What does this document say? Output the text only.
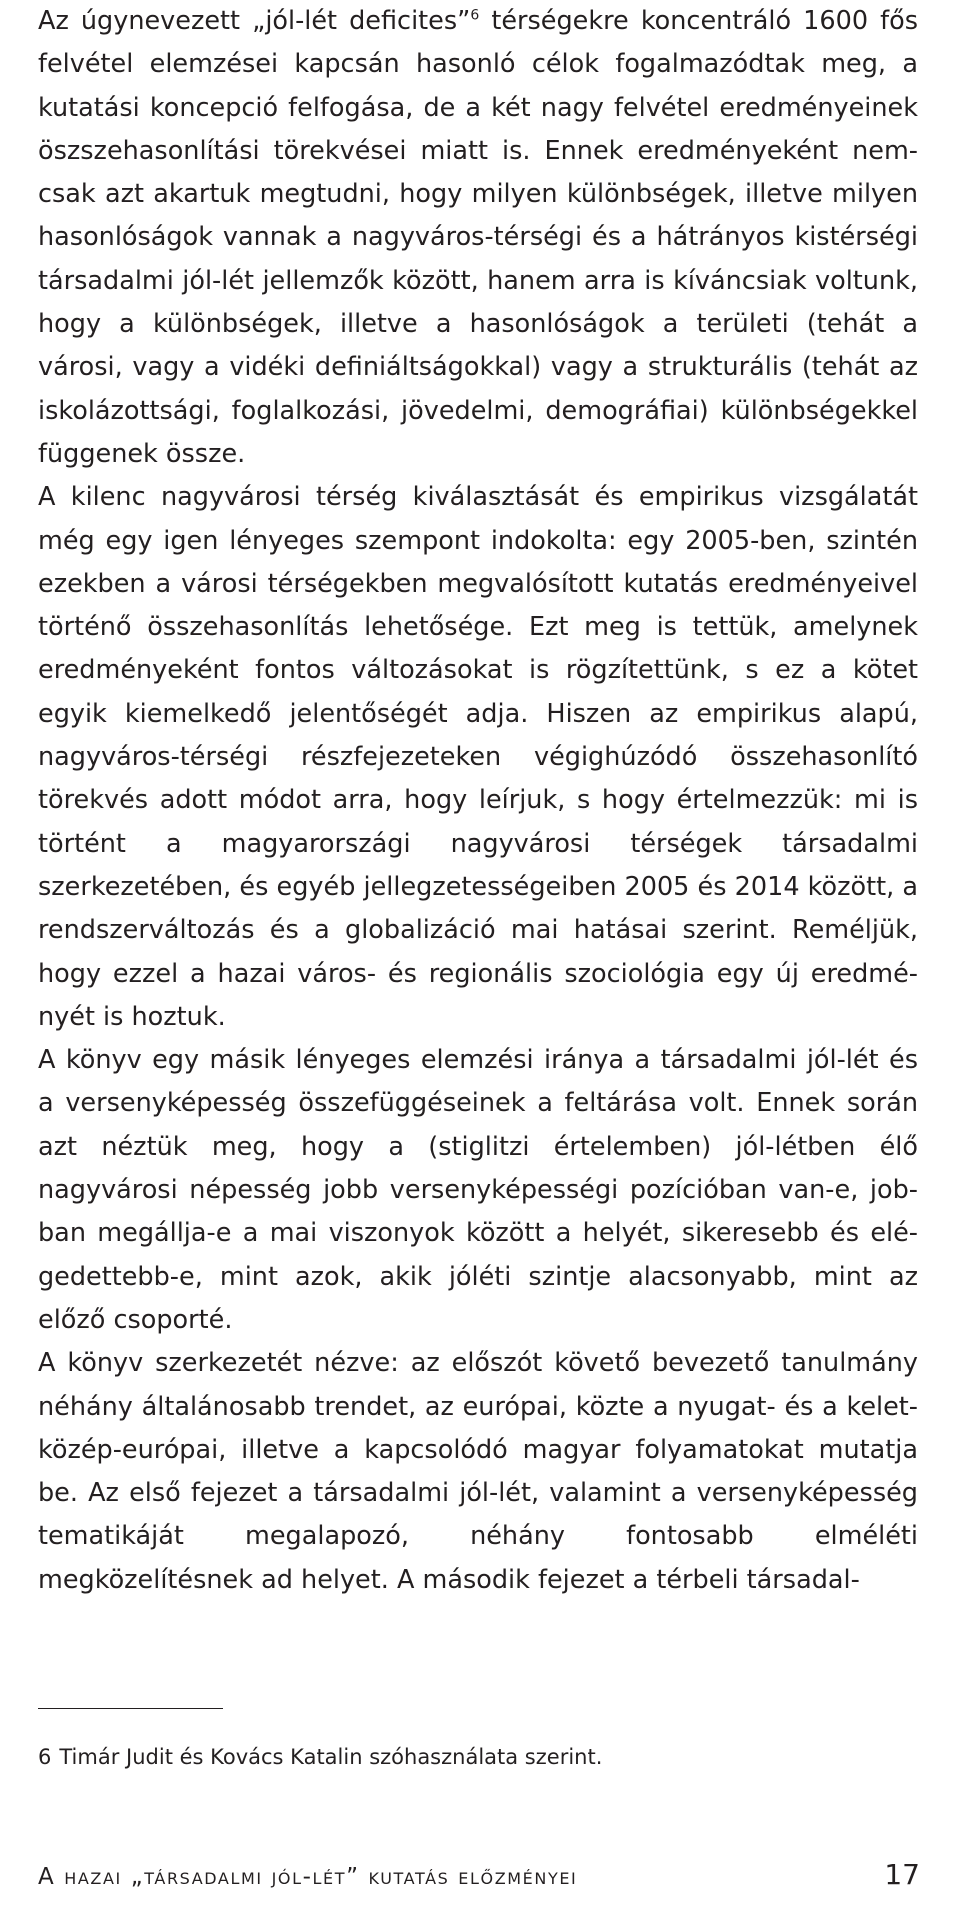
Az úgynevezett „jól-lét deficites”$^6$ térségekre koncentráló 1600 fős felvétel elemzései kapcsán hasonló célok fogalmazódtak meg, a kutatási koncepció felfogása, de a két nagy felvétel eredményeinek öszszehasonlítási törekvései miatt is. Ennek eredményeként nemcsak azt akartuk megtudni, hogy milyen különbségek, illetve milyen hasonlóságok vannak a nagyváros-térségi és a hátrányos kistérségi társadalmi jól-lét jellemzők között, hanem arra is kíváncsiak voltunk, hogy a különbségek, illetve a hasonlóságok a területi (tehát a városi, vagy a vidéki definiáltságokkal) vagy a strukturális (tehát az iskolázottsági, foglalkozási, jövedelmi, demográfiai) különbségekkel függenek össze.

A kilenc nagyvárosi térség kiválasztását és empirikus vizsgálatát még egy igen lényeges szempont indokolta: egy 2005-ben, szintén ezekben a városi térségekben megvalósított kutatás eredményeivel történő összehasonlítás lehetősége. Ezt meg is tettük, amelynek eredményeként fontos változásokat is rögzítettünk, s ez a kötet egyik kiemelkedő jelentőségét adja. Hiszen az empirikus alapú, nagyváros-térségi részfejezeteken végighúzódó összehasonlító törekvés adott módot arra, hogy leírjuk, s hogy értelmezzük: mi is történt a magyarországi nagyvárosi térségek társadalmi szerkezetében, és egyéb jellegzetességeiben 2005 és 2014 között, a rendszerváltozás és a globalizáció mai hatásai szerint. Reméljük, hogy ezzel a hazai város- és regionális szociológia egy új eredményét is hoztuk.

A könyv egy másik lényeges elemzési iránya a társadalmi jól-lét és a versenyképesség összefüggéseinek a feltárása volt. Ennek során azt néztük meg, hogy a (stiglitzi értelemben) jól-létben élő nagyvárosi népesség jobb versenyképességi pozícióban van-e, jobban megállja-e a mai viszonyok között a helyét, sikeresebb és elégedettebb-e, mint azok, akik jóléti szintje alacsonyabb, mint az előző csoporté.

A könyv szerkezetét nézve: az előszót követő bevezető tanulmány néhány általánosabb trendet, az európai, közte a nyugat- és a kelet-közép-európai, illetve a kapcsolódó magyar folyamatokat mutatja be. Az első fejezet a társadalmi jól-lét, valamint a versenyképesség tematikáját megalapozó, néhány fontosabb elméléti megközelítésnek ad helyet. A második fejezet a térbeli társadal-

6 Timár Judit és Kovács Katalin szóhasználata szerint.
A hazai „társadalmi jól-lét” kutatás előzményei	17
